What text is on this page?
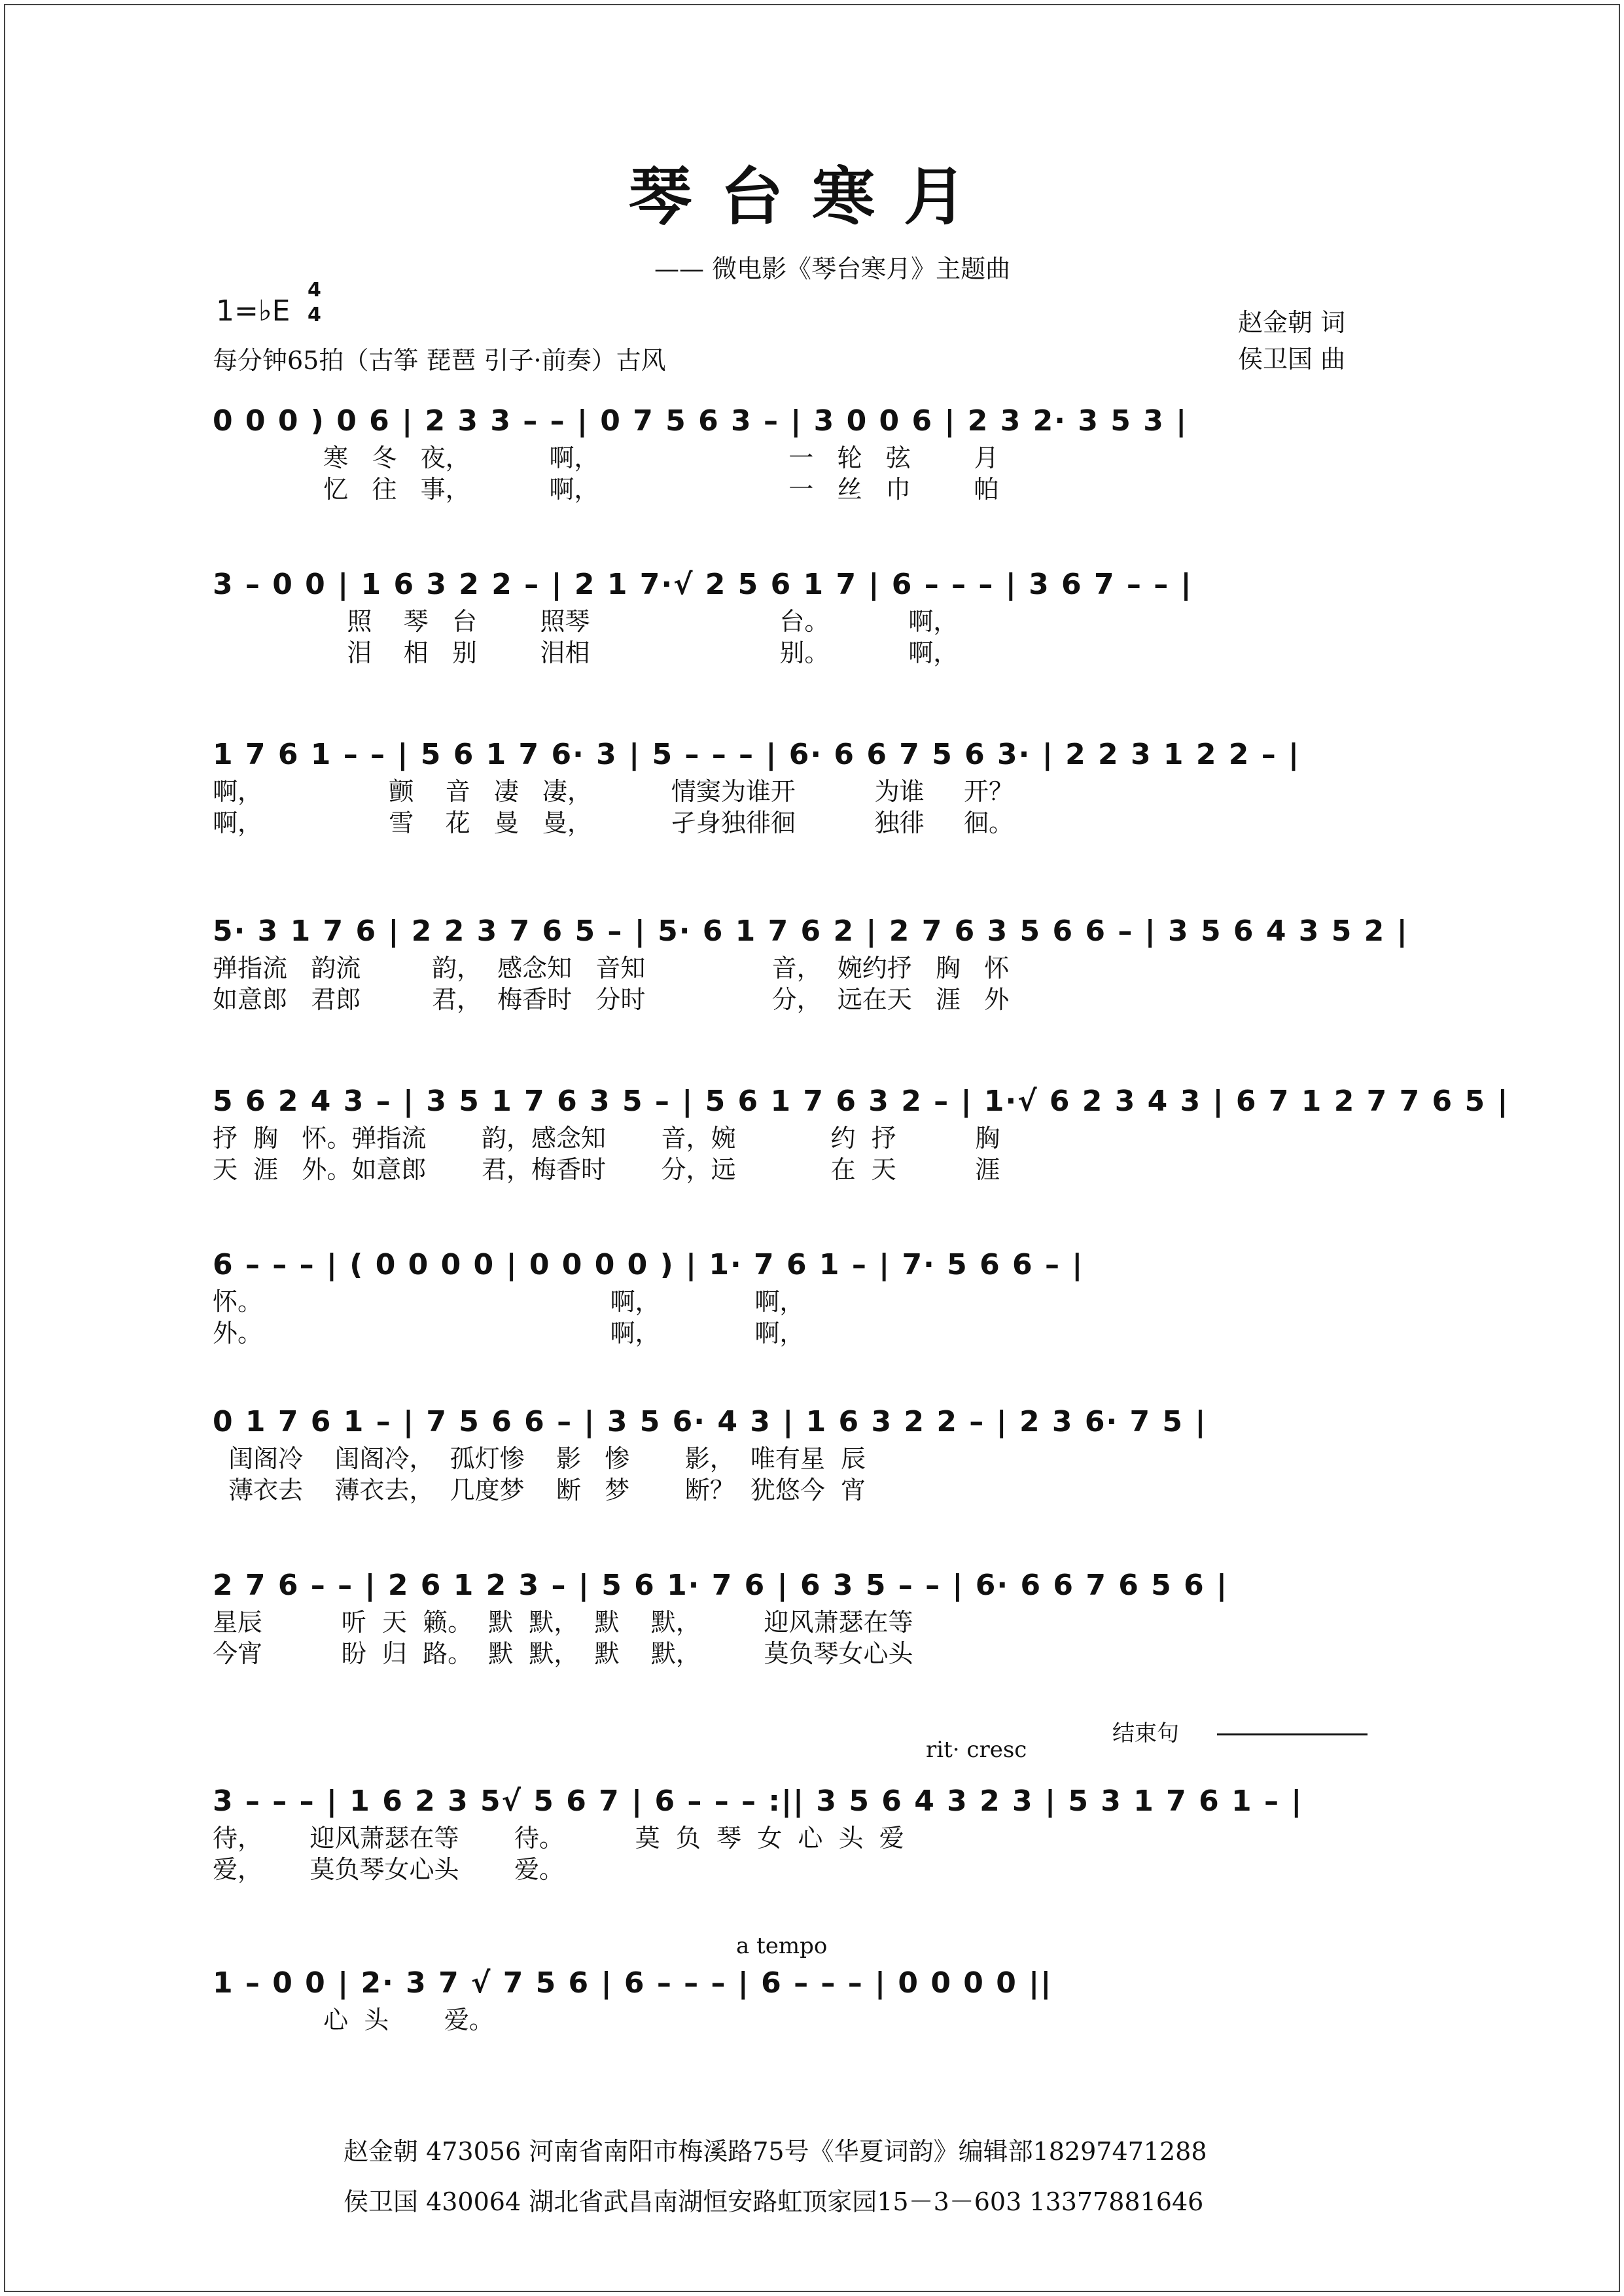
琴台寒月
—— 微电影《琴台寒月》主题曲
1=♭E
4
4
每分钟65拍（古筝 琵琶 引子·前奏）古风
赵金朝 词
侯卫国 曲
0 0 0 ) 0 6 | 2 3 3 – – | 0 7 5 6 3 – | 3 0 0 6 | 2 3 2· 3 5 3 |
寒   冬   夜，          啊，                        一   轮   弦        月
忆   往   事，          啊，                        一   丝   巾        帕
3 – 0 0 | 1 6 3 2 2 – | 2 1 7·√ 2 5 6 1 7 | 6 – – – | 3 6 7 – – |
照    琴   台        照琴                        台。          啊，
泪    相   别        泪相                        别。          啊，
1 7 6 1 – – | 5 6 1 7 6· 3 | 5 – – – | 6· 6 6 7 5 6 3· | 2 2 3 1 2 2 – |
啊，                颤    音   凄   凄，          情窦为谁开          为谁     开？
啊，                雪    花   曼   曼，          孑身独徘徊          独徘     徊。
5· 3 1 7 6 | 2 2 3 7 6 5 – | 5· 6 1 7 6 2 | 2 7 6 3 5 6 6 – | 3 5 6 4 3 5 2 |
弹指流   韵流         韵，  感念知   音知                音，  婉约抒   胸   怀
如意郎   君郎         君，  梅香时   分时                分，  远在天   涯   外
5 6 2 4 3 – | 3 5 1 7 6 3 5 – | 5 6 1 7 6 3 2 – | 1·√ 6 2 3 4 3 | 6 7 1 2 7 7 6 5 |
抒  胸   怀。弹指流       韵，感念知       音，婉            约  抒          胸
天  涯   外。如意郎       君，梅香时       分，远            在  天          涯
6 – – – | ( 0 0 0 0 | 0 0 0 0 ) | 1· 7 6 1 – | 7· 5 6 6 – |
怀。                                            啊，            啊，
外。                                            啊，            啊，
0 1 7 6 1 – | 7 5 6 6 – | 3 5 6· 4 3 | 1 6 3 2 2 – | 2 3 6· 7 5 |
闺阁冷    闺阁冷，  孤灯惨    影   惨       影，  唯有星  辰
薄衣去    薄衣去，  几度梦    断   梦       断？  犹悠今  宵
2 7 6 – – | 2 6 1 2 3 – | 5 6 1· 7 6 | 6 3 5 – – | 6· 6 6 7 6 5 6 |
星辰          听  天  籁。  默  默，  默    默，        迎风萧瑟在等
今宵          盼  归  路。  默  默，  默    默，        莫负琴女心头
rit· cresc
结束句
3 – – – | 1 6 2 3 5√ 5 6 7 | 6 – – – :|| 3 5 6 4 3 2 3 | 5 3 1 7 6 1 – |
待，      迎风萧瑟在等       待。         莫  负  琴  女  心  头  爱
爱，      莫负琴女心头       爱。
a tempo
1 – 0 0 | 2· 3 7 √ 7 5 6 | 6 – – – | 6 – – – | 0 0 0 0 ||
心  头       爱。
赵金朝 473056 河南省南阳市梅溪路75号《华夏词韵》编辑部18297471288
侯卫国 430064 湖北省武昌南湖恒安路虹顶家园15－3－603 13377881646
